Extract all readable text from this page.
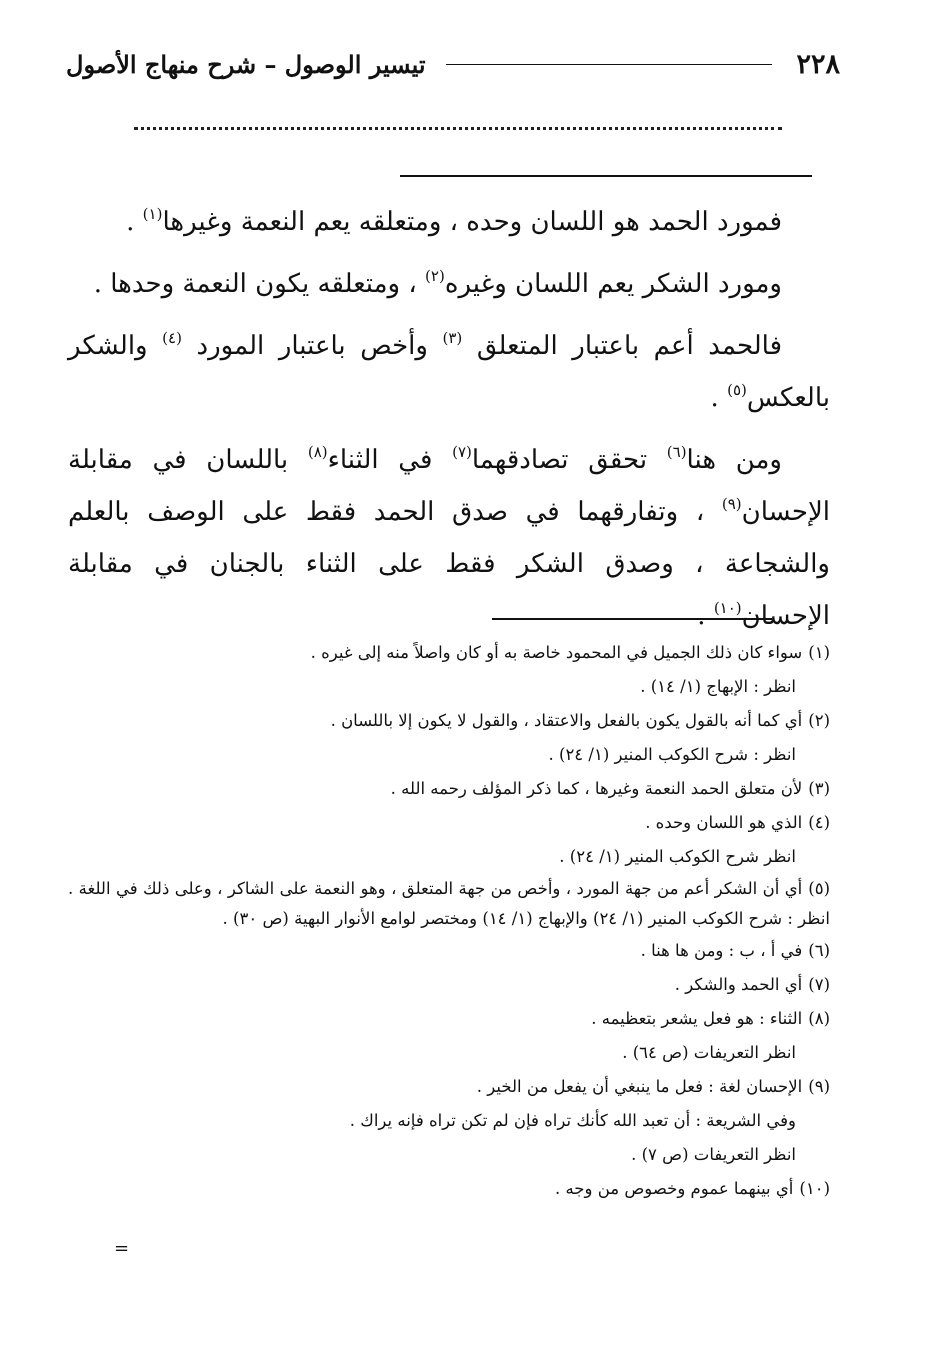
٢٢٨
تيسير الوصول – شرح منهاج الأصول

فمورد الحمد هو اللسان وحده ، ومتعلقه يعم النعمة وغيرها$^{(١)}$ .

ومورد الشكر يعم اللسان وغيره$^{(٢)}$ ، ومتعلقه يكون النعمة وحدها .

فالحمد أعم باعتبار المتعلق $^{(٣)}$ وأخص باعتبار المورد $^{(٤)}$ والشكر بالعكس$^{(٥)}$ .

ومن هنا$^{(٦)}$ تحقق تصادقهما$^{(٧)}$ في الثناء$^{(٨)}$ باللسان في مقابلة الإحسان$^{(٩)}$ ، وتفارقهما في صدق الحمد فقط على الوصف بالعلم والشجاعة ، وصدق الشكر فقط على الثناء بالجنان في مقابلة الإحسان$^{(١٠)}$ .

(١)سواء كان ذلك الجميل في المحمود خاصة به أو كان واصلاً منه إلى غيره .
انظر : الإبهاج (١/ ١٤) .
(٢)أي كما أنه بالقول يكون بالفعل والاعتقاد ، والقول لا يكون إلا باللسان .
انظر : شرح الكوكب المنير (١/ ٢٤) .
(٣)لأن متعلق الحمد النعمة وغيرها ، كما ذكر المؤلف رحمه الله .
(٤)الذي هو اللسان وحده .
انظر شرح الكوكب المنير (١/ ٢٤) .
(٥)أي أن الشكر أعم من جهة المورد ، وأخص من جهة المتعلق ، وهو النعمة على الشاكر ، وعلى ذلك في اللغة . انظر : شرح الكوكب المنير (١/ ٢٤) والإبهاج (١/ ١٤) ومختصر لوامع الأنوار البهية (ص ٣٠) .
(٦)في أ ، ب : ومن ها هنا .
(٧)أي الحمد والشكر .
(٨)الثناء : هو فعل يشعر بتعظيمه .
انظر التعريفات (ص ٦٤) .
(٩)الإحسان لغة : فعل ما ينبغي أن يفعل من الخير .
وفي الشريعة : أن تعبد الله كأنك تراه فإن لم تكن تراه فإنه يراك .
انظر التعريفات (ص ٧) .
(١٠)أي بينهما عموم وخصوص من وجه .
=
